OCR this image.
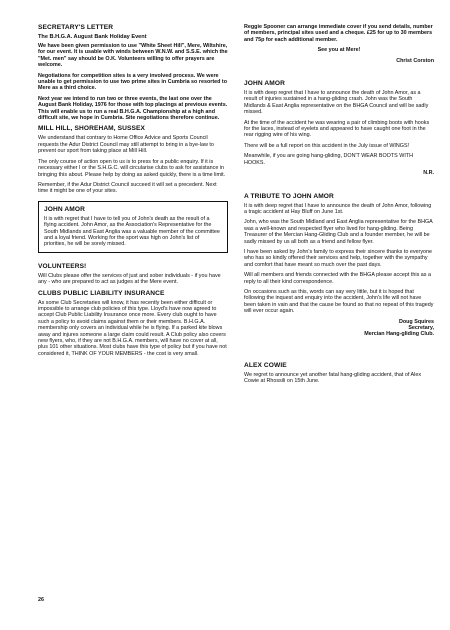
SECRETARY'S LETTER
The B.H.G.A. August Bank Holiday Event

We have been given permission to use "White Sheet Hill", Mere, Wiltshire, for our event. It is usable with winds between W.N.W. and S.S.E. which the "Met. men" say should be O.K. Volunteers willing to offer prayers are welcome.

Negotiations for competition sites is a very involved process. We were unable to get permission to use two prime sites in Cumbria so resorted to Mere as a third choice.

Next year we intend to run two or three events, the last one over the August Bank Holiday, 1976 for those with top placings at previous events. This will enable us to run a real B.H.G.A. Championship at a high and difficult site, we hope in Cumbria. Site negotiations therefore continue.

MILL HILL, SHOREHAM, SUSSEX

We understand that contrary to Home Office Advice and Sports Council requests the Adur District Council may still attempt to bring in a bye-law to prevent our sport from taking place at Mill Hill.

The only course of action open to us is to press for a public enquiry. If it is necessary either I or the S.H.G.C. will circularise clubs to ask for assistance in bringing this about. Please help by doing as asked quickly, there is a time limit.

Remember, if the Adur District Council succeed it will set a precedent. Next time it might be one of your sites.

JOHN AMOR

It is with regret that I have to tell you of John's death as the result of a flying accident. John Amor, as the Association's Representative for the South Midlands and East Anglia was a valuable member of the committee and a loyal friend. Working for the sport was high on John's list of priorities, he will be sorely missed.

VOLUNTEERS!

Will Clubs please offer the services of just and sober individuals - if you have any - who are prepared to act as judges at the Mere event.

CLUBS PUBLIC LIABILITY INSURANCE

As some Club Secretaries will know, it has recently been either difficult or impossible to arrange club policies of this type. Lloyd's have now agreed to accept Club Public Liability Insurance once more. Every club ought to have such a policy to avoid claims against them or their members. B.H.G.A. membership only covers an individual while he is flying. If a parked kite blows away and injures someone a large claim could result. A Club policy also covers new flyers, who, if they are not B.H.G.A. members, will have no cover at all, plus 101 other situations. Most clubs have this type of policy but if you have not considered it, THINK OF YOUR MEMBERS - the cost is very small.

26

Reggie Spooner can arrange immediate cover if you send details, number of members, principal sites used and a cheque. £25 for up to 30 members and 75p for each additional member.

See you at Mere!

Christ Corston

JOHN AMOR

It is with deep regret that I have to announce the death of John Amor, as a result of injuries sustained in a hang-gliding crash. John was the South Midlands & East Anglia representative on the BHGA Council and will be sadly missed.

At the time of the accident he was wearing a pair of climbing boots with hooks for the laces, instead of eyelets and appeared to have caught one foot in the rear rigging wire of his wing.

There will be a full report on this accident in the July issue of WINGS!

Meanwhile, if you are going hang-gliding, DON'T WEAR BOOTS WITH HOOKS.

N.R.

A TRIBUTE TO JOHN AMOR

It is with deep regret that I have to announce the death of John Amor, following a tragic accident at Hay Bluff on June 1st.

John, who was the South Midland and East Anglia representative for the BHGA was a well-known and respected flyer who lived for hang-gliding. Being Treasurer of the Mercian Hang-Gliding Club and a founder member, he will be sadly missed by us all both as a friend and fellow flyer.

I have been asked by John's family to express their sincere thanks to everyone who has so kindly offered their services and help, together with the sympathy and comfort that have meant so much over the past days.

Will all members and friends connected with the BHGA please accept this as a reply to all their kind correspondence.

On occasions such as this, words can say very little, but it is hoped that following the inquest and enquiry into the accident, John's life will not have been taken in vain and that the cause be found so that no repeat of this tragedy will ever occur again.

Doug Squires
Secretary,
Mercian Hang-gliding Club.
ALEX COWIE

We regret to announce yet another fatal hang-gliding accident, that of Alex Cowie at Rhossili on 15th June.
